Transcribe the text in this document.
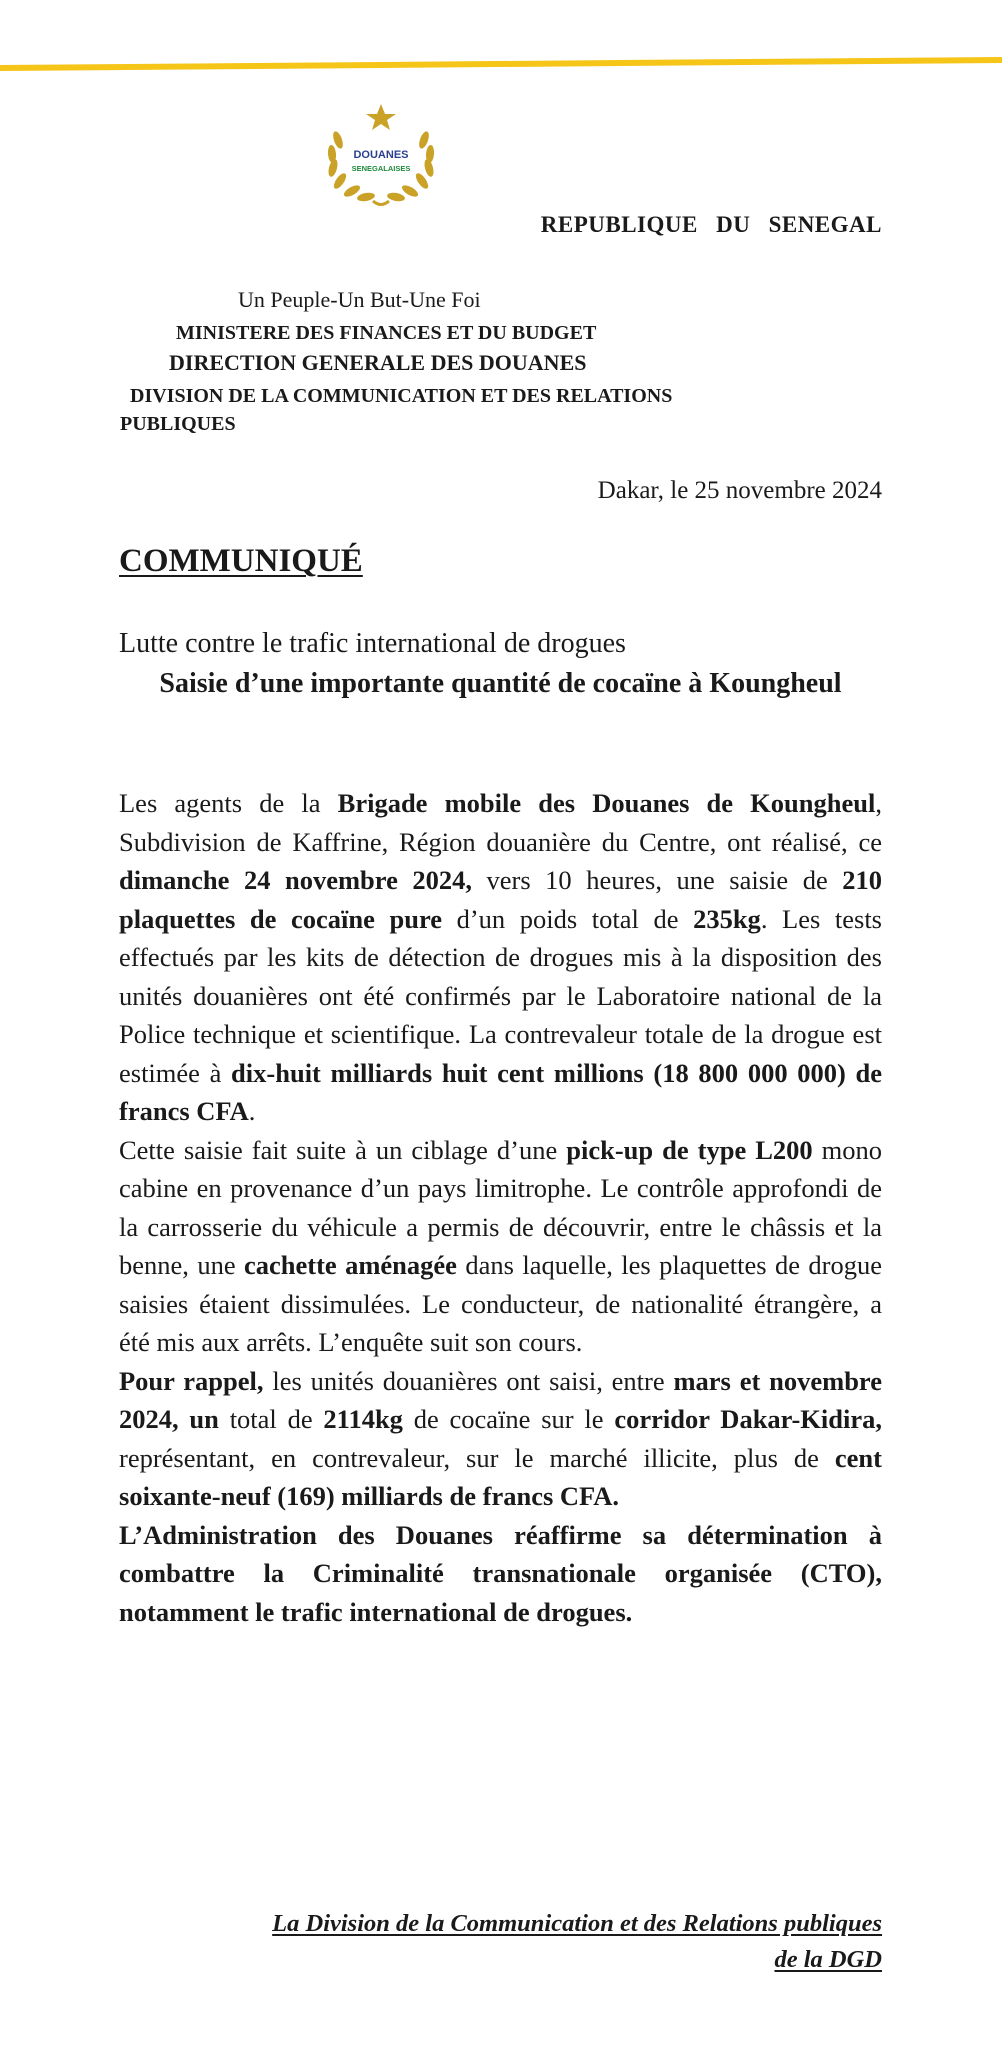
DOUANES
SENEGALAISES
REPUBLIQUE DU SENEGAL
Un Peuple-Un But-Une Foi
MINISTERE DES FINANCES ET DU BUDGET
DIRECTION GENERALE DES DOUANES
DIVISION DE LA COMMUNICATION ET DES RELATIONS PUBLIQUES
Dakar, le 25 novembre 2024
COMMUNIQUÉ
Lutte contre le trafic international de drogues
Saisie d’une importante quantité de cocaïne à Koungheul

Les agents de la Brigade mobile des Douanes de Koungheul, Subdivision de Kaffrine, Région douanière du Centre, ont réalisé, ce dimanche 24 novembre 2024, vers 10 heures, une saisie de 210 plaquettes de cocaïne pure d’un poids total de 235kg. Les tests effectués par les kits de détection de drogues mis à la disposition des unités douanières ont été confirmés par le Laboratoire national de la Police technique et scientifique. La contrevaleur totale de la drogue est estimée à dix-huit milliards huit cent millions (18 800 000 000) de francs CFA.

Cette saisie fait suite à un ciblage d’une pick-up de type L200 mono cabine en provenance d’un pays limitrophe. Le contrôle approfondi de la carrosserie du véhicule a permis de découvrir, entre le châssis et la benne, une cachette aménagée dans laquelle, les plaquettes de drogue saisies étaient dissimulées. Le conducteur, de nationalité étrangère, a été mis aux arrêts. L’enquête suit son cours.

Pour rappel, les unités douanières ont saisi, entre mars et novembre 2024, un total de 2114kg de cocaïne sur le corridor Dakar-Kidira, représentant, en contrevaleur, sur le marché illicite, plus de cent soixante-neuf (169) milliards de francs CFA.

L’Administration des Douanes réaffirme sa détermination à combattre la Criminalité transnationale organisée (CTO), notamment le trafic international de drogues.

La Division de la Communication et des Relations publiques
de la DGD
